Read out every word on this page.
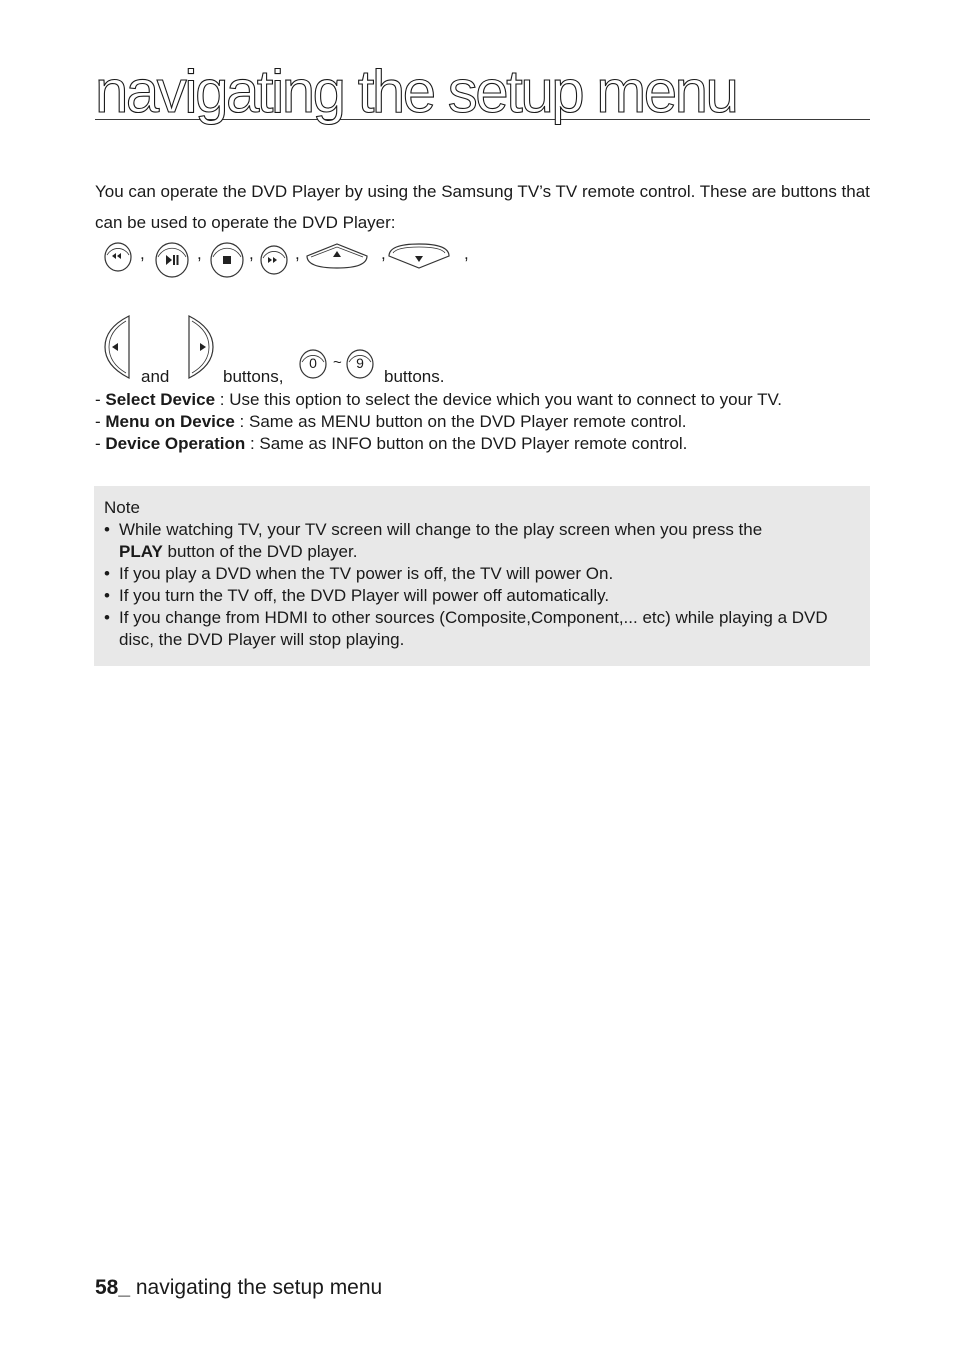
navigating the setup menu
You can operate the DVD Player by using the Samsung TV’s TV remote control. These are buttons that can be used to operate the DVD Player:
,	,	, ,	,	,
and	buttons,
0	~	9
buttons.
- Select Device : Use this option to select the device which you want to connect to your TV.
- Menu on Device : Same as MENU button on the DVD Player remote control.
- Device Operation : Same as INFO button on the DVD Player remote control.
Note
• While watching TV, your TV screen will change to the play screen when you press the
PLAY button of the DVD player.
• If you play a DVD when the TV power is off, the TV will power On.
• If you turn the TV off, the DVD Player will power off automatically.
• If you change from HDMI to other sources (Composite,Component,... etc) while playing a DVD disc, the DVD Player will stop playing.
58_ navigating the setup menu
